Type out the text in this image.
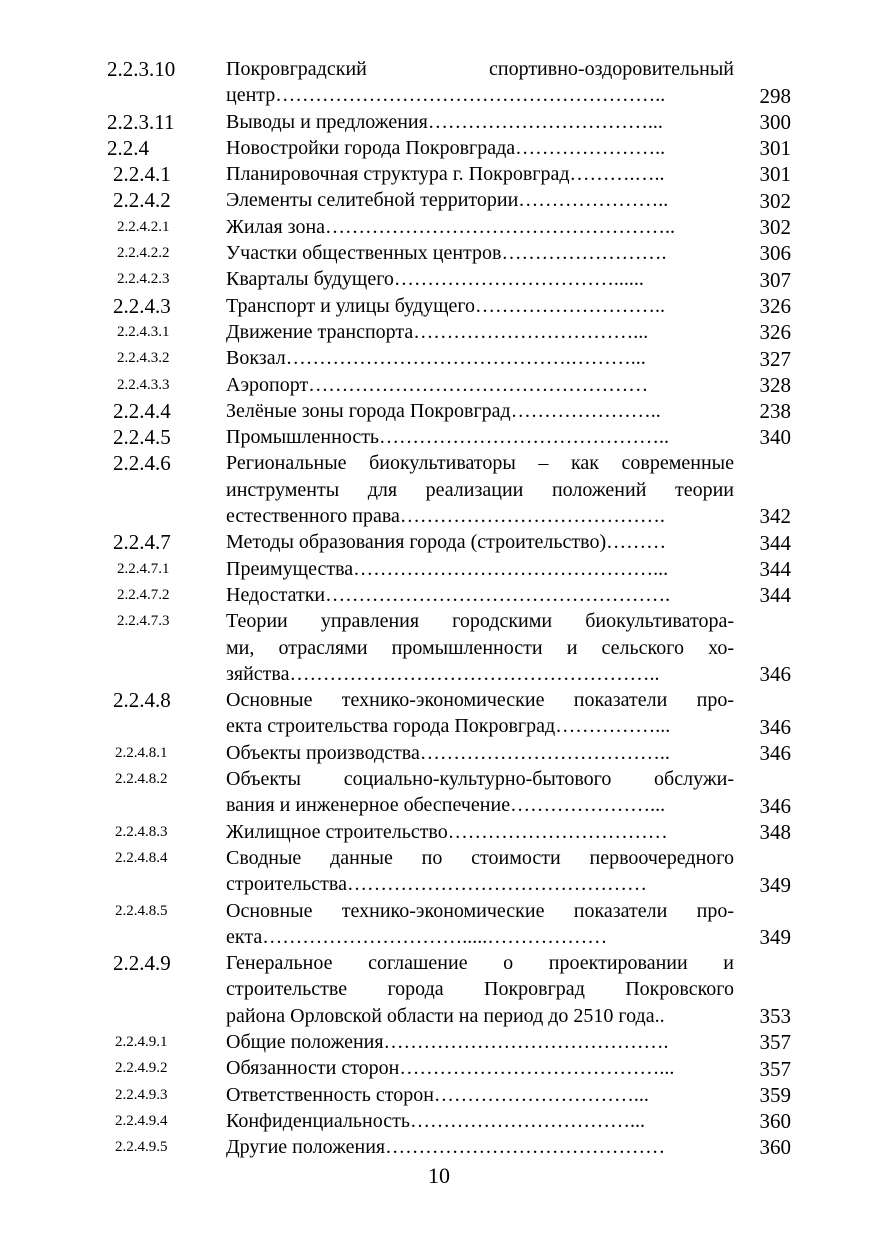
2.2.3.10	Покровградский спортивно-оздоровительный
центр…………………………………………………..	298
2.2.3.11	Выводы и предложения……………………………...	300
2.2.4	Новостройки города Покровграда…………………..	301
2.2.4.1	Планировочная структура г. Покровград……….…..	301
2.2.4.2	Элементы селитебной территории…………………..	302
2.2.4.2.1	Жилая зона……………………………………………..	302
2.2.4.2.2	Участки общественных центров…………………….	306
2.2.4.2.3	Кварталы будущего……………………………......	307
2.2.4.3	Транспорт и улицы будущего………………………..	326
2.2.4.3.1	Движение транспорта……………………………...	326
2.2.4.3.2	Вокзал…………………………………….………...	327
2.2.4.3.3	Аэропорт……………………………………………	328
2.2.4.4	Зелёные зоны города Покровград…………………..	238
2.2.4.5	Промышленность……………………………………..	340
2.2.4.6	Региональные биокультиваторы – как современные
инструменты для реализации положений теории
естественного права………………………………….	342
2.2.4.7	Методы образования города (строительство)………	344
2.2.4.7.1	Преимущества………………………………………...	344
2.2.4.7.2	Недостатки…………………………………………….	344
2.2.4.7.3	Теории управления городскими биокультиватора-
ми, отраслями промышленности и сельского хо-
зяйства………………………………………………..	346
2.2.4.8	Основные технико-экономические показатели про-
екта строительства города Покровград……………...	346
2.2.4.8.1	Объекты производства………………………………..	346
2.2.4.8.2	Объекты социально-культурно-бытового обслужи-
вания и инженерное обеспечение…………………...	346
2.2.4.8.3	Жилищное строительство……………………………	348
2.2.4.8.4	Сводные данные по стоимости первоочередного
строительства………………………………………	349
2.2.4.8.5	Основные технико-экономические показатели про-
екта………………………….....………………	349
2.2.4.9	Генеральное соглашение о проектировании и
строительстве города Покровград Покровского
района Орловской области на период до 2510 года..	353
2.2.4.9.1	Общие положения…………………………………….	357
2.2.4.9.2	Обязанности сторон…………………………………...	357
2.2.4.9.3	Ответственность сторон…………………………...	359
2.2.4.9.4	Конфиденциальность……………………………...	360
2.2.4.9.5	Другие положения……………………………………	360
10
